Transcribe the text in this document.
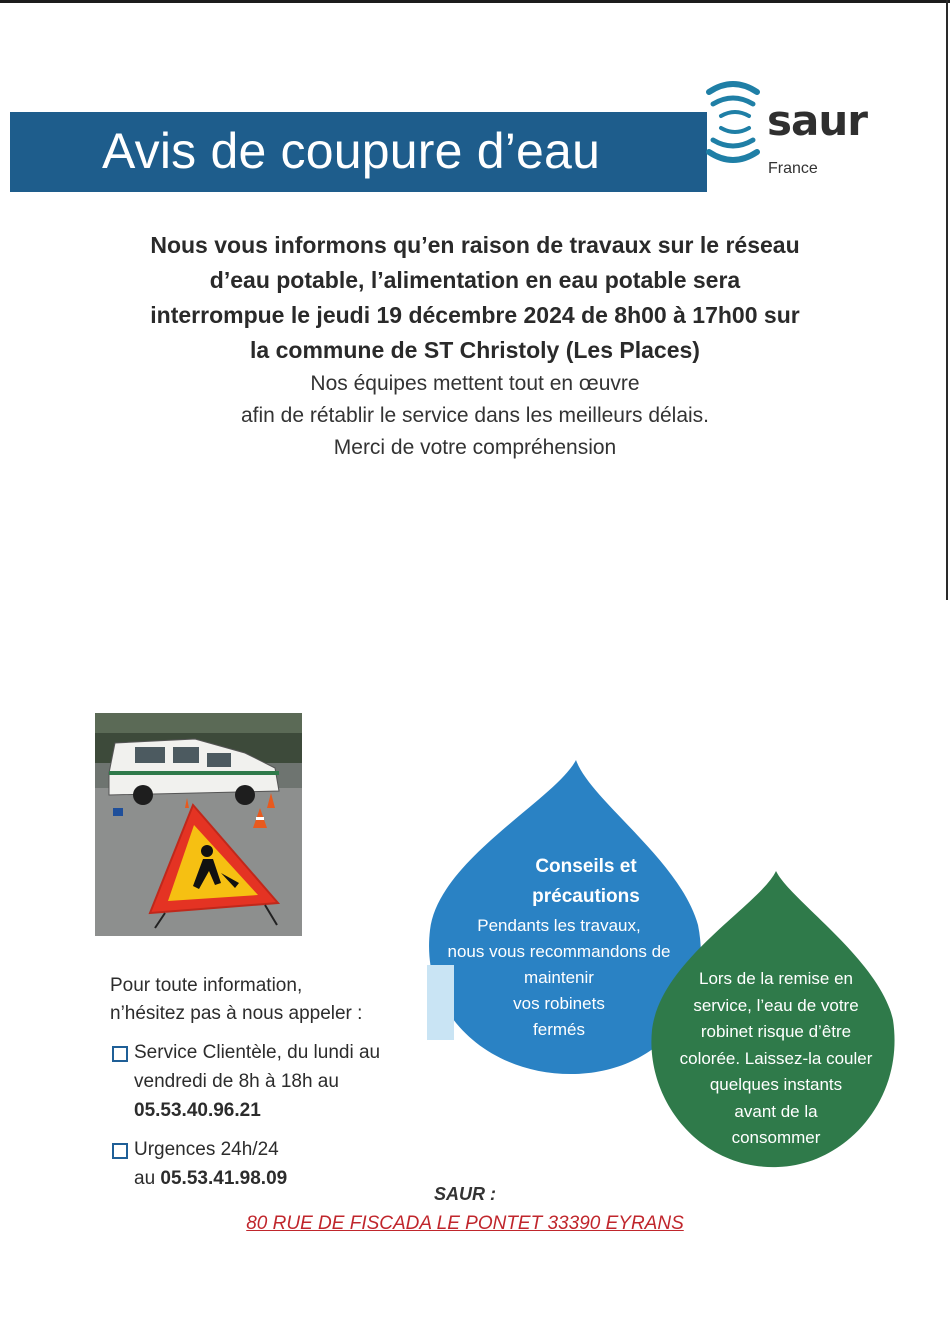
Avis de coupure d’eau
saur
France
Nous vous informons qu’en raison de travaux sur le réseau
d’eau potable, l’alimentation en eau potable sera
interrompue le jeudi 19 décembre 2024 de 8h00 à 17h00 sur
la commune de ST Christoly (Les Places)
Nos équipes mettent tout en œuvre
afin de rétablir le service dans les meilleurs délais.
Merci de votre compréhension
Pour toute information,
n’hésitez pas à nous appeler :
Service Clientèle, du lundi au
vendredi de 8h à 18h au
05.53.40.96.21
Urgences 24h/24
au 05.53.41.98.09
Conseils et
précautions
Pendants les travaux,
nous vous recommandons de
maintenir
vos robinets
fermés
Lors de la remise en
service, l’eau de votre
robinet risque d’être
colorée. Laissez-la couler
quelques instants
avant de la
consommer
SAUR :
80 RUE DE FISCADA LE PONTET 33390 EYRANS
